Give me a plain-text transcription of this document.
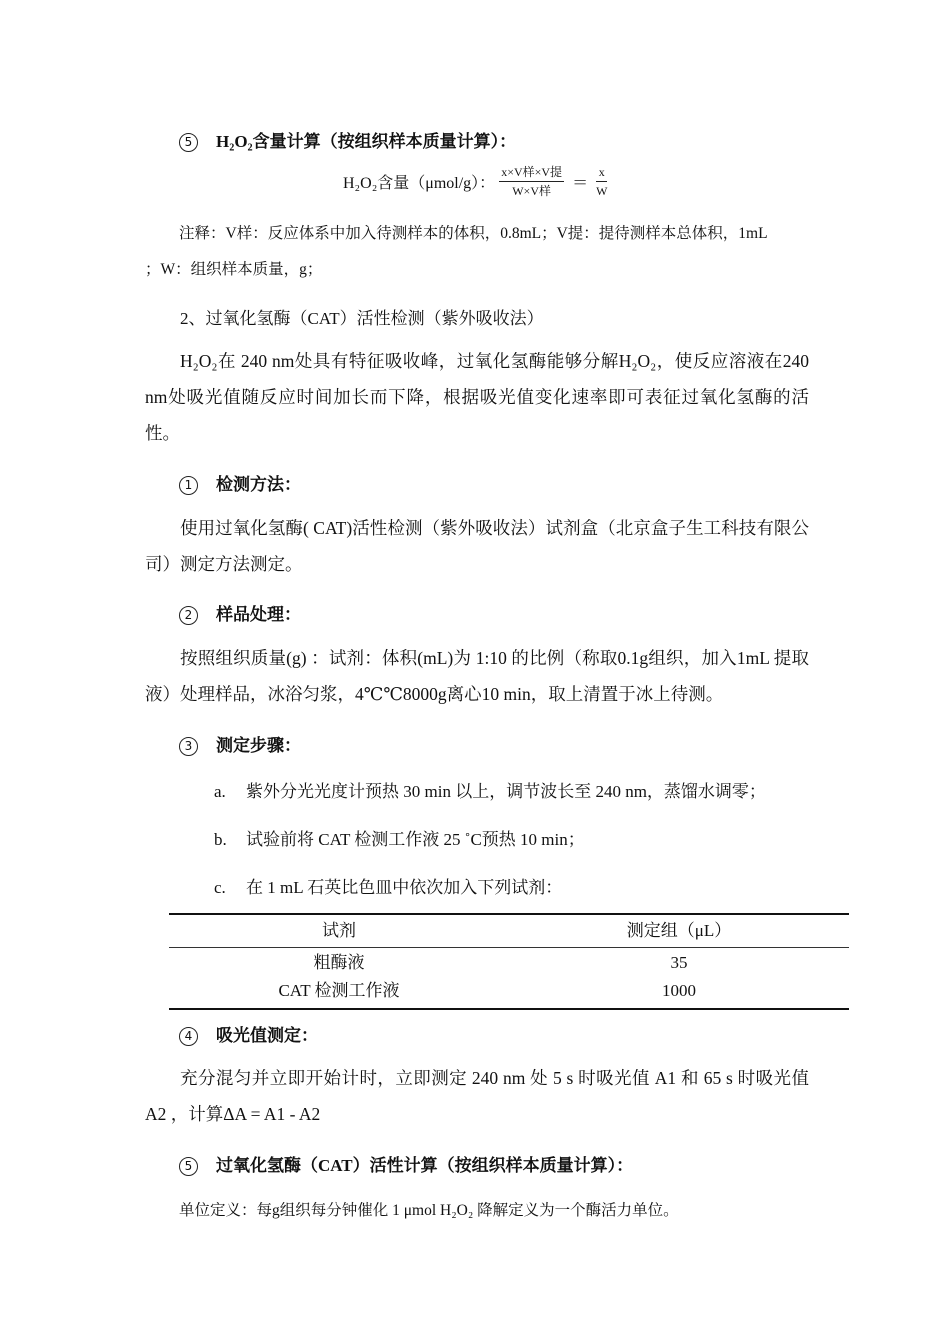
5 H₂O₂含量计算（按组织样本质量计算）：
H₂O₂含量（μmol/g）： $\frac{\text{x×V样×V提}}{\text{W×V样}} = \frac{x}{W}$
注释：V样：反应体系中加入待测样本的体积，0.8mL；V提：提待测样本总体积，1mL
；W：组织样本质量，g；
2、过氧化氢酶（CAT）活性检测（紫外吸收法）
H₂O₂在 240 nm处具有特征吸收峰，过氧化氢酶能够分解H₂O₂，使反应溶液在240 nm处吸光值随反应时间加长而下降，根据吸光值变化速率即可表征过氧化氢酶的活性。
1 检测方法：
使用过氧化氢酶( CAT)活性检测（紫外吸收法）试剂盒（北京盒子生工科技有限公司）测定方法测定。
2 样品处理：
按照组织质量(g) ：试剂：体积(mL)为 1:10 的比例（称取0.1g组织，加入1mL 提取液）处理样品，冰浴匀浆，4℃℃8000g离心10 min，取上清置于冰上待测。
3 测定步骤：
a. 紫外分光光度计预热 30 min 以上，调节波长至 240 nm，蒸馏水调零；
b. 试验前将 CAT 检测工作液 25 ˚C预热 10 min；
c. 在 1 mL 石英比色皿中依次加入下列试剂：
试剂	测定组（μL）
粗酶液	35
CAT 检测工作液	1000
4 吸光值测定：
充分混匀并立即开始计时，立即测定 240 nm 处 5 s 时吸光值 A1 和 65 s 时吸光值 A2 ，计算ΔA = A1 - A2
5 过氧化氢酶（CAT）活性计算（按组织样本质量计算）：
单位定义：每g组织每分钟催化 1 μmol H₂O₂ 降解定义为一个酶活力单位。
